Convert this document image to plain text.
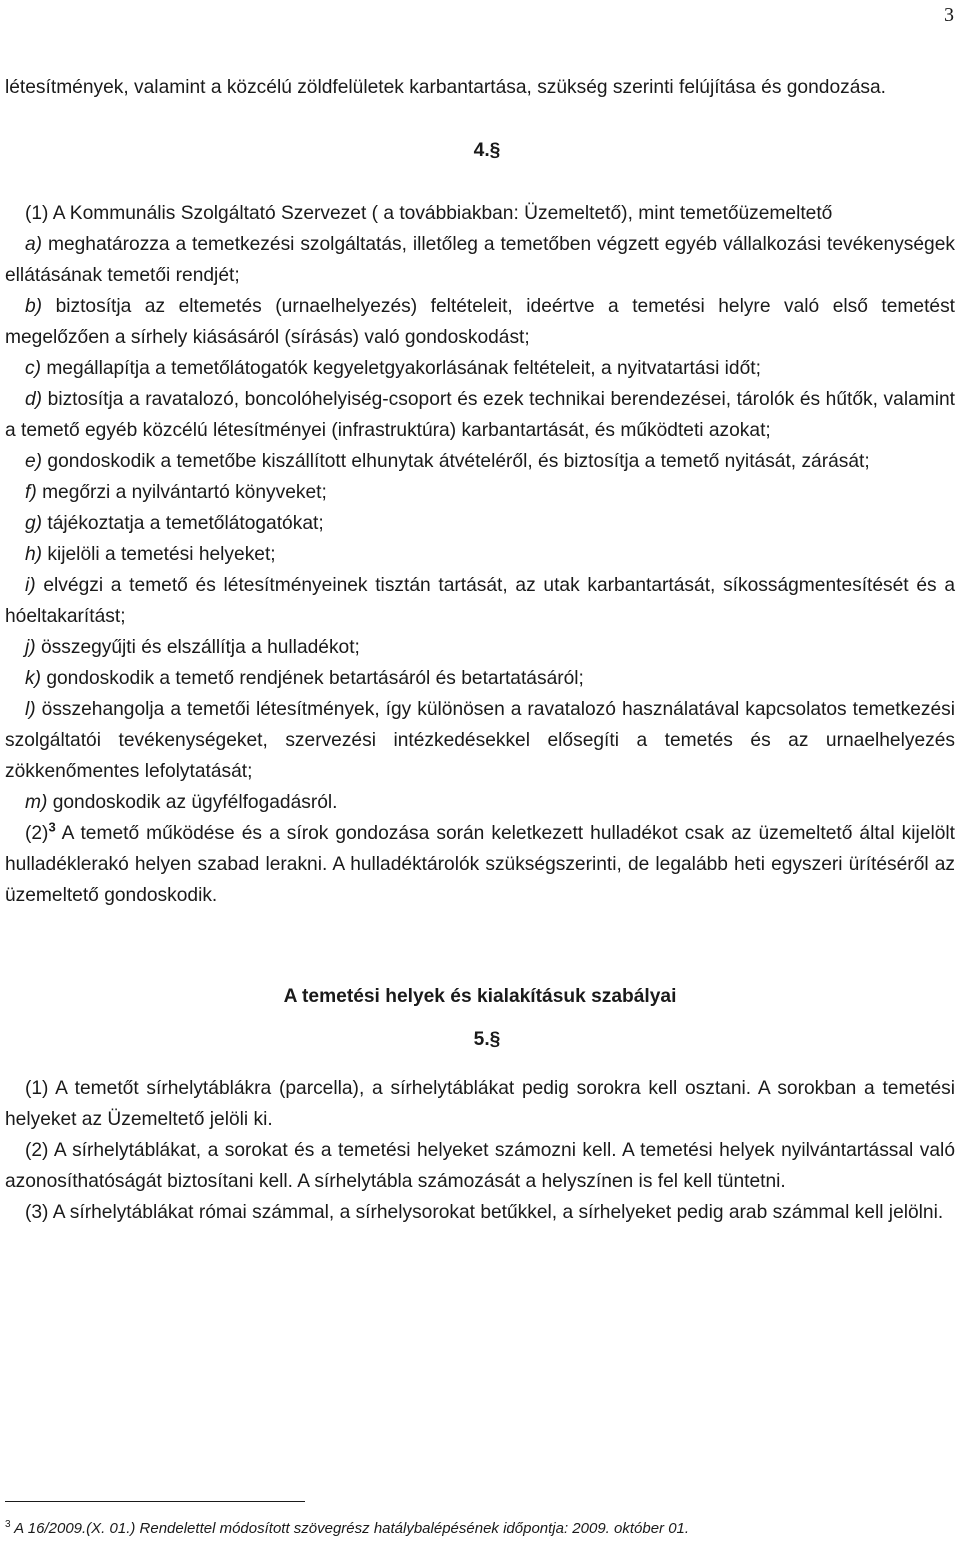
3

létesítmények, valamint a közcélú zöldfelületek karbantartása, szükség szerinti felújítása és gondozása.

4.§

(1) A Kommunális Szolgáltató Szervezet ( a továbbiakban: Üzemeltető), mint temetőüzemeltető

a) meghatározza a temetkezési szolgáltatás, illetőleg a temetőben végzett egyéb vállalkozási tevékenységek ellátásának temetői rendjét;

b) biztosítja az eltemetés (urnaelhelyezés) feltételeit, ideértve a temetési helyre való első temetést megelőzően a sírhely kiásásáról (sírásás) való gondoskodást;

c) megállapítja a temetőlátogatók kegyeletgyakorlásának feltételeit, a nyitvatartási időt;

d) biztosítja a ravatalozó, boncolóhelyiség-csoport és ezek technikai berendezései, tárolók és hűtők, valamint a temető egyéb közcélú létesítményei (infrastruktúra) karbantartását, és működteti azokat;

e) gondoskodik a temetőbe kiszállított elhunytak átvételéről, és biztosítja a temető nyitását, zárását;

f) megőrzi a nyilvántartó könyveket;

g) tájékoztatja a temetőlátogatókat;

h) kijelöli a temetési helyeket;

i) elvégzi a temető és létesítményeinek tisztán tartását, az utak karbantartását, síkosságmentesítését és a hóeltakarítást;

j) összegyűjti és elszállítja a hulladékot;

k) gondoskodik a temető rendjének betartásáról és betartatásáról;

l) összehangolja a temetői létesítmények, így különösen a ravatalozó használatával kapcsolatos temetkezési szolgáltatói tevékenységeket, szervezési intézkedésekkel elősegíti a temetés és az urnaelhelyezés zökkenőmentes lefolytatását;

m) gondoskodik az ügyfélfogadásról.

(2)$^3$ A temető működése és a sírok gondozása során keletkezett hulladékot csak az üzemeltető által kijelölt hulladéklerakó helyen szabad lerakni. A hulladéktárolók szükségszerinti, de legalább heti egyszeri ürítéséről az üzemeltető gondoskodik.

A temetési helyek és kialakításuk szabályai

5.§

(1) A temetőt sírhelytáblákra (parcella), a sírhelytáblákat pedig sorokra kell osztani. A sorokban a temetési helyeket az Üzemeltető jelöli ki.

(2) A sírhelytáblákat, a sorokat és a temetési helyeket számozni kell. A temetési helyek nyilvántartással való azonosíthatóságát biztosítani kell. A sírhelytábla számozását a helyszínen is fel kell tüntetni.

(3) A sírhelytáblákat római számmal, a sírhelysorokat betűkkel, a sírhelyeket pedig arab számmal kell jelölni.

$^3$ A 16/2009.(X. 01.) Rendelettel módosított szövegrész hatálybalépésének időpontja: 2009. október 01.
